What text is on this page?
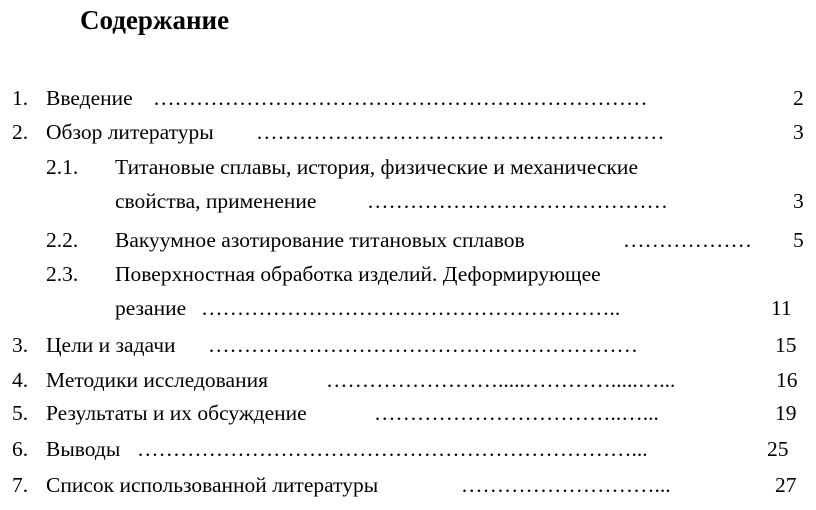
Содержание
1. Введение ……………………………………………………………	2
2. Обзор литературы …………………………………………………	3
2.1. Титановые сплавы, история, физические и механические
свойства, применение ……………………………………	3
2.2. Вакуумное азотирование титановых сплавов	………………	5
2.3. Поверхностная обработка изделий. Деформирующее
резание …………………………………………………..	11
3. Цели и задачи ……………………………………………………	15
4. Методики исследования	…………………….....………….....…...	16
5. Результаты и их обсуждение	……………………………..…...	19
6. Выводы ……………………………………………………………...	25
7. Список использованной литературы	………………………...	27
